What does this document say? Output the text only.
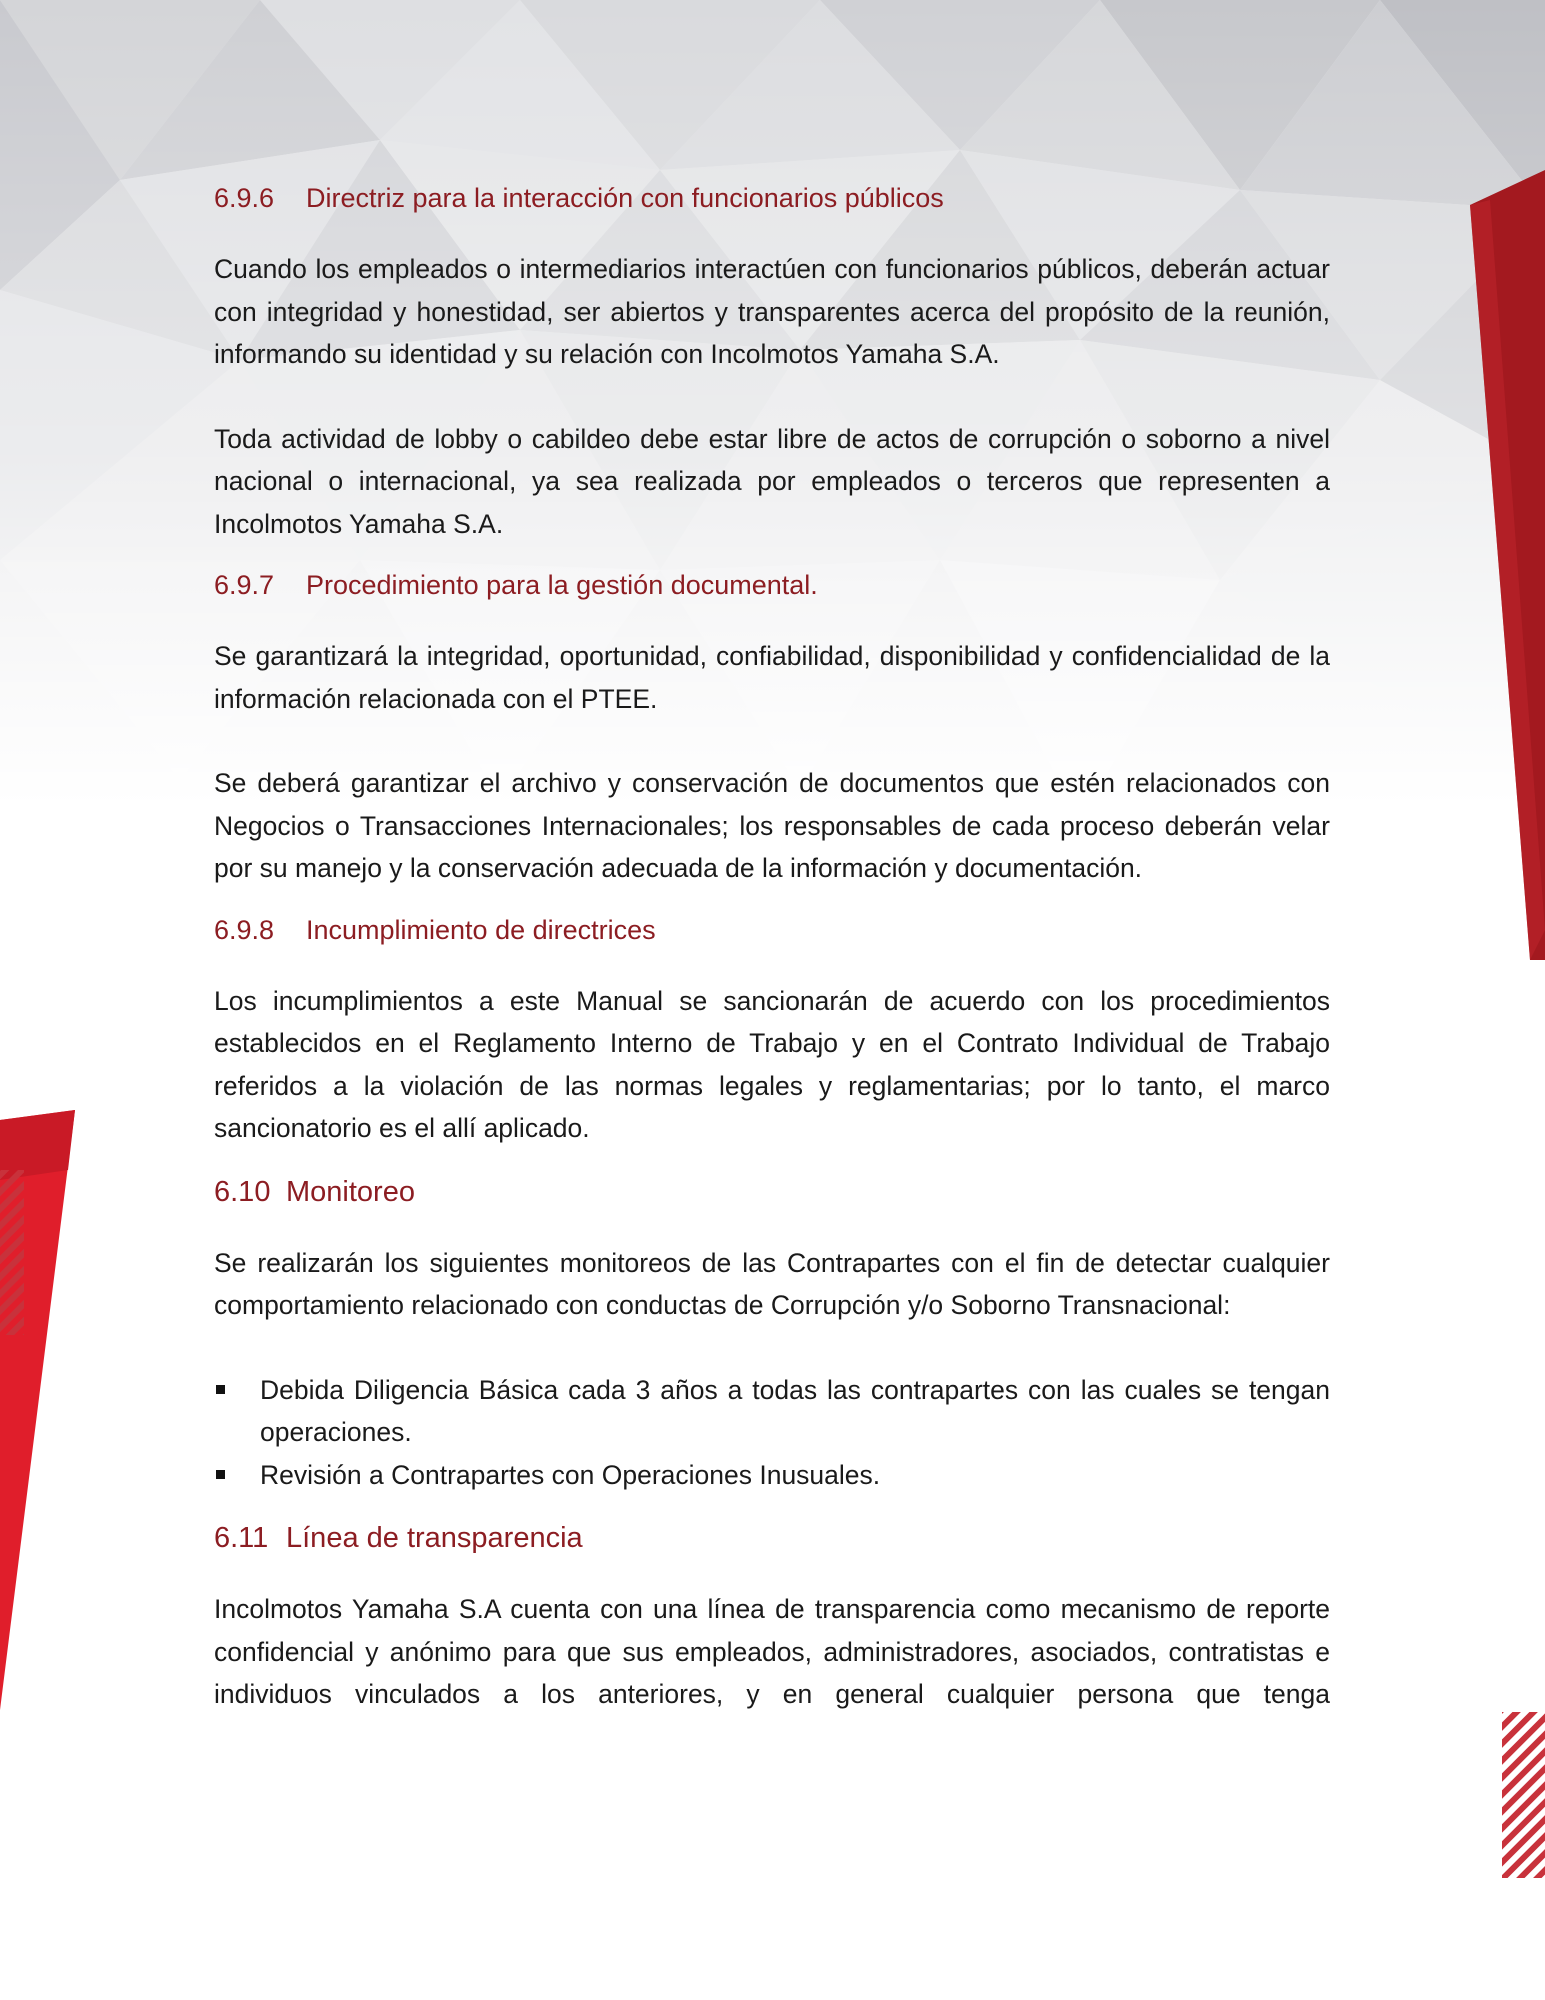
6.9.6 Directriz para la interacción con funcionarios públicos

Cuando los empleados o intermediarios interactúen con funcionarios públicos, deberán actuar con integridad y honestidad, ser abiertos y transparentes acerca del propósito de la reunión, informando su identidad y su relación con Incolmotos Yamaha S.A.

Toda actividad de lobby o cabildeo debe estar libre de actos de corrupción o soborno a nivel nacional o internacional, ya sea realizada por empleados o terceros que representen a Incolmotos Yamaha S.A.

6.9.7 Procedimiento para la gestión documental.

Se garantizará la integridad, oportunidad, confiabilidad, disponibilidad y confidencialidad de la información relacionada con el PTEE.

Se deberá garantizar el archivo y conservación de documentos que estén relacionados con Negocios o Transacciones Internacionales; los responsables de cada proceso deberán velar por su manejo y la conservación adecuada de la información y documentación.

6.9.8 Incumplimiento de directrices

Los incumplimientos a este Manual se sancionarán de acuerdo con los procedimientos establecidos en el Reglamento Interno de Trabajo y en el Contrato Individual de Trabajo referidos a la violación de las normas legales y reglamentarias; por lo tanto, el marco sancionatorio es el allí aplicado.

6.10 Monitoreo

Se realizarán los siguientes monitoreos de las Contrapartes con el fin de detectar cualquier comportamiento relacionado con conductas de Corrupción y/o Soborno Transnacional:

Debida Diligencia Básica cada 3 años a todas las contrapartes con las cuales se tengan operaciones.
Revisión a Contrapartes con Operaciones Inusuales.
6.11 Línea de transparencia

Incolmotos Yamaha S.A cuenta con una línea de transparencia como mecanismo de reporte confidencial y anónimo para que sus empleados, administradores, asociados, contratistas e individuos vinculados a los anteriores, y en general cualquier persona que tenga
